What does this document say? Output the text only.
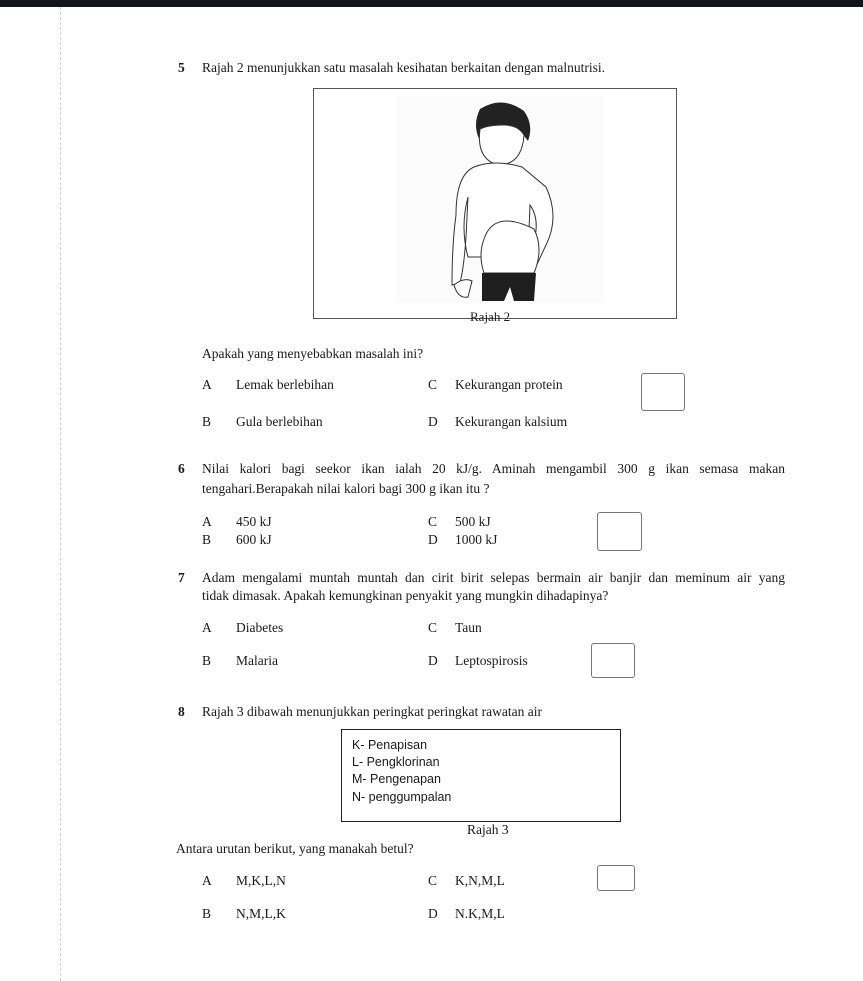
5 Rajah 2 menunjukkan satu masalah kesihatan berkaitan dengan malnutrisi.
Rajah 2
Apakah yang menyebabkan masalah ini?
A Lemak berlebihan
B Gula berlebihan
C Kekurangan protein
D Kekurangan kalsium
6 Nilai kalori bagi seekor ikan ialah 20 kJ/g. Aminah mengambil 300 g ikan semasa makan
tengahari.Berapakah nilai kalori bagi 300 g ikan itu ?
A 450 kJ
B 600 kJ
C 500 kJ
D 1000 kJ
7 Adam mengalami muntah muntah dan cirit birit selepas bermain air banjir dan meminum air yang
tidak dimasak. Apakah kemungkinan penyakit yang mungkin dihadapinya?
A Diabetes
B Malaria
C Taun
D Leptospirosis
8 Rajah 3 dibawah menunjukkan peringkat peringkat rawatan air
K- Penapisan
L- Pengklorinan
M- Pengenapan
N- penggumpalan
Rajah 3
Antara urutan berikut, yang manakah betul?
A M,K,L,N
B N,M,L,K
C K,N,M,L
D N.K,M,L
